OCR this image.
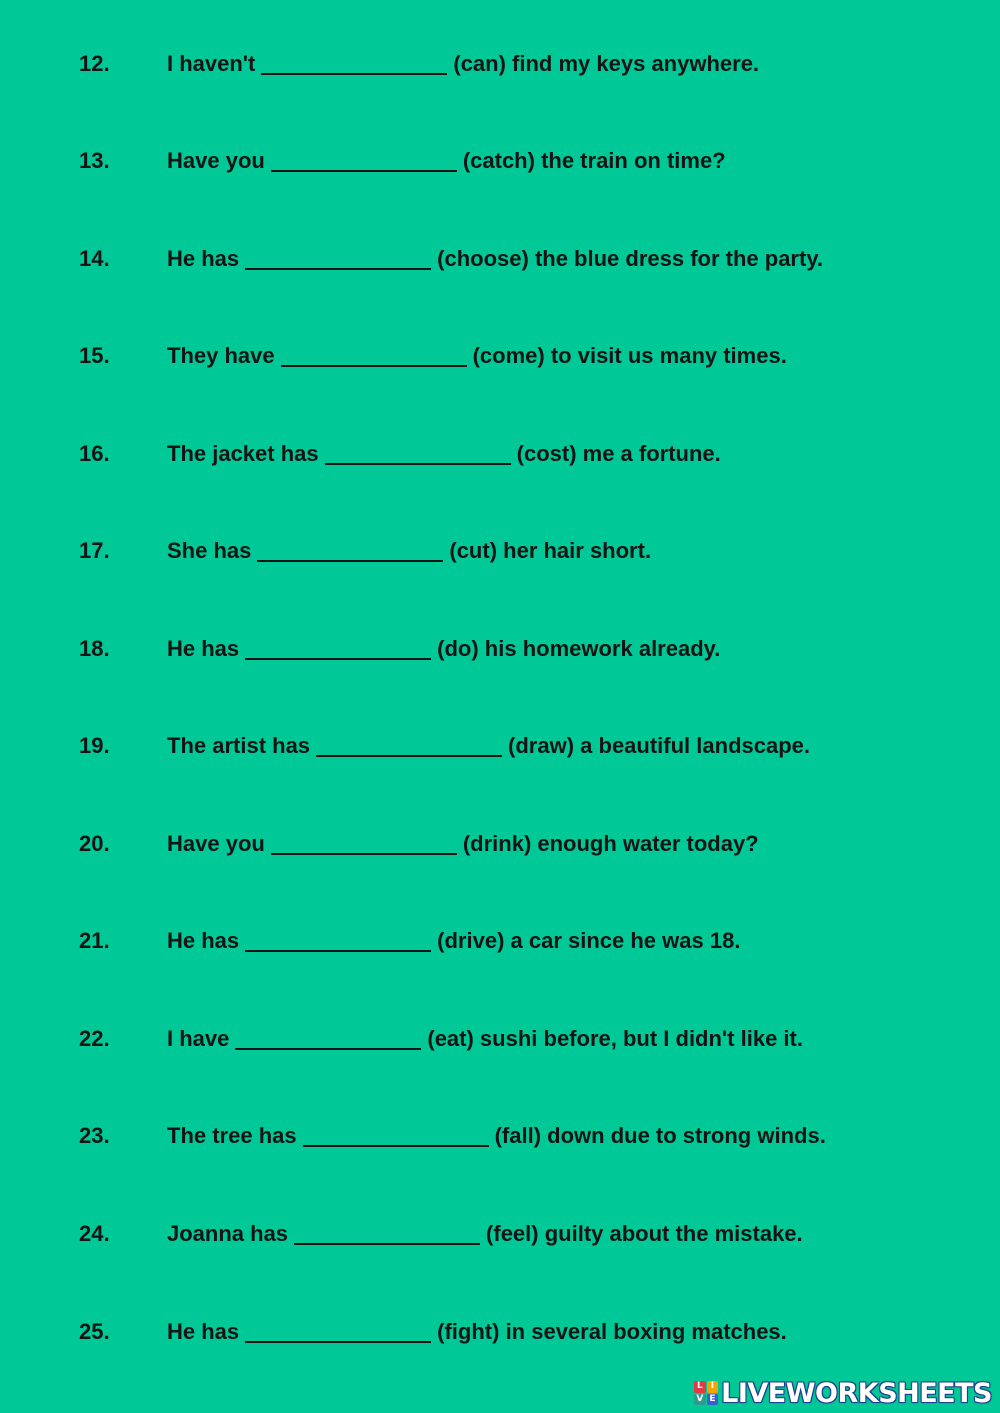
12.	I haven't	(can) find my keys anywhere.
13.	Have you	(catch) the train on time?
14.	He has	(choose) the blue dress for the party.
15.	They have	(come) to visit us many times.
16.	The jacket has	(cost) me a fortune.
17.	She has	(cut) her hair short.
18.	He has	(do) his homework already.
19.	The artist has	(draw) a beautiful landscape.
20.	Have you	(drink) enough water today?
21.	He has	(drive) a car since he was 18.
22.	I have	(eat) sushi before, but I didn't like it.
23.	The tree has	(fall) down due to strong winds.
24.	Joanna has	(feel) guilty about the mistake.
25.	He has	(fight) in several boxing matches.
L I
V E LIVEWORKSHEETS
